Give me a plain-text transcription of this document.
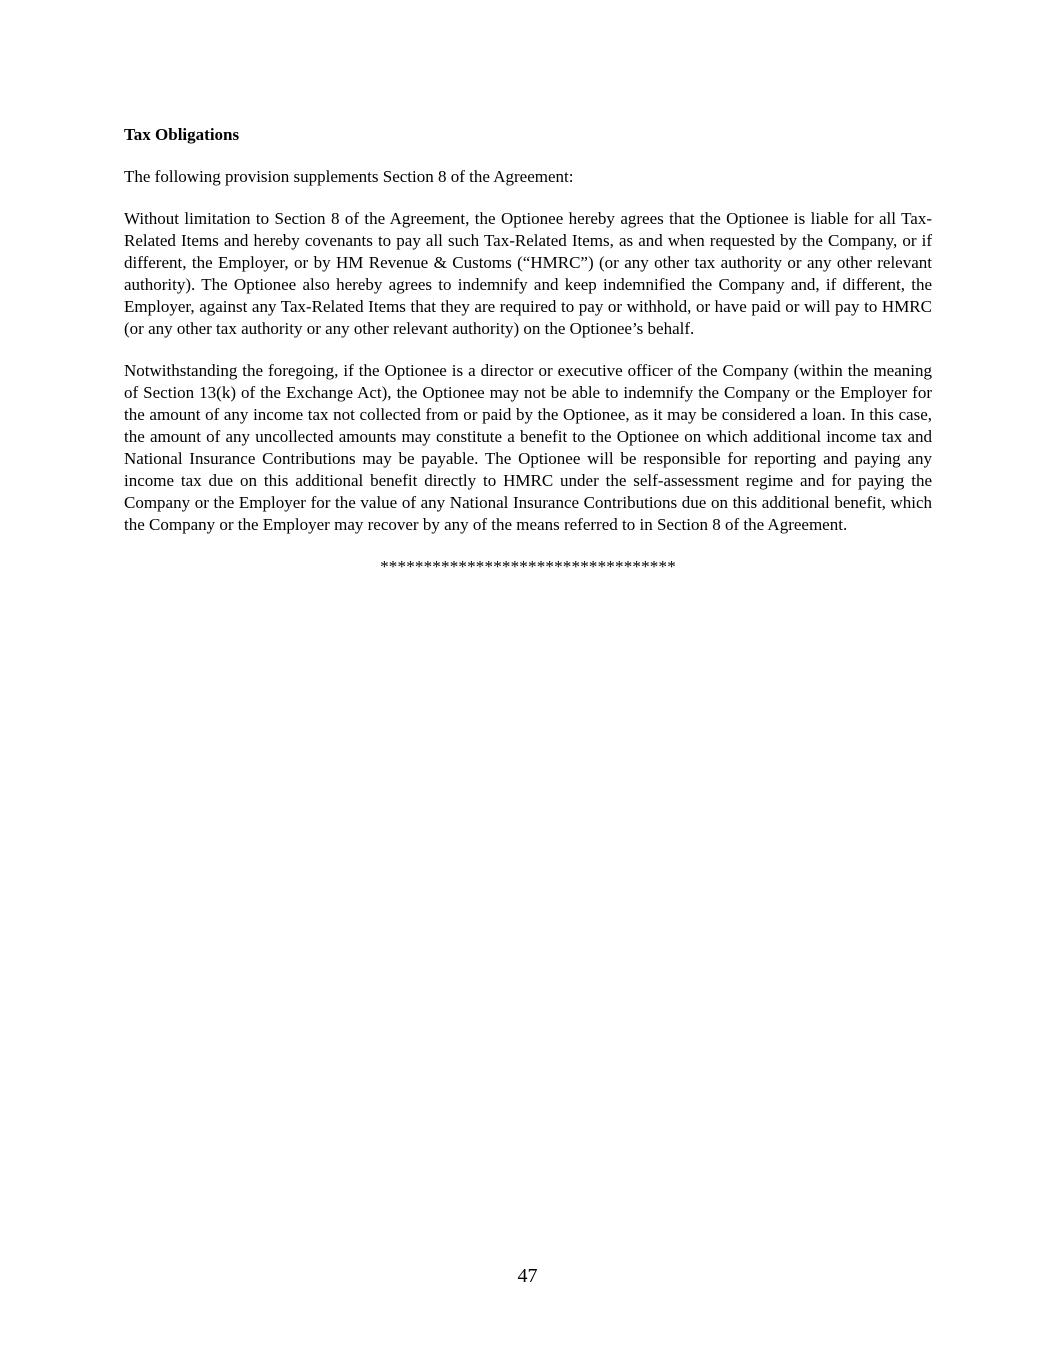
Tax Obligations

The following provision supplements Section 8 of the Agreement:

Without limitation to Section 8 of the Agreement, the Optionee hereby agrees that the Optionee is liable for all Tax-Related Items and hereby covenants to pay all such Tax-Related Items, as and when requested by the Company, or if different, the Employer, or by HM Revenue & Customs (“HMRC”) (or any other tax authority or any other relevant authority). The Optionee also hereby agrees to indemnify and keep indemnified the Company and, if different, the Employer, against any Tax-Related Items that they are required to pay or withhold, or have paid or will pay to HMRC (or any other tax authority or any other relevant authority) on the Optionee’s behalf.

Notwithstanding the foregoing, if the Optionee is a director or executive officer of the Company (within the meaning of Section 13(k) of the Exchange Act), the Optionee may not be able to indemnify the Company or the Employer for the amount of any income tax not collected from or paid by the Optionee, as it may be considered a loan. In this case, the amount of any uncollected amounts may constitute a benefit to the Optionee on which additional income tax and National Insurance Contributions may be payable. The Optionee will be responsible for reporting and paying any income tax due on this additional benefit directly to HMRC under the self-assessment regime and for paying the Company or the Employer for the value of any National Insurance Contributions due on this additional benefit, which the Company or the Employer may recover by any of the means referred to in Section 8 of the Agreement.

**********************************

47
